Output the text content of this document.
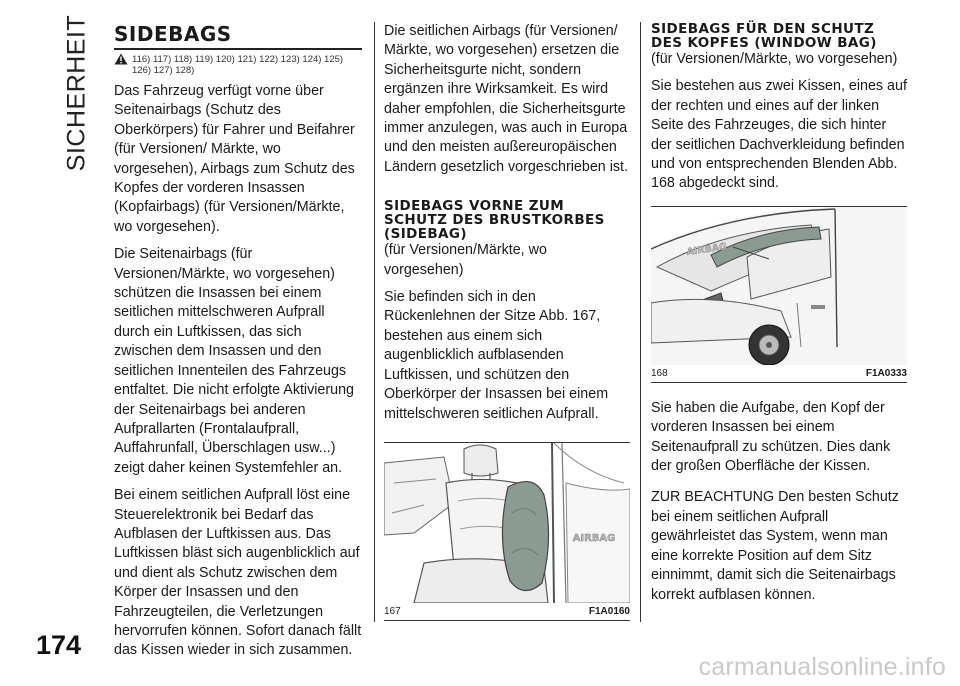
SICHERHEIT SIDEBAGS
116) 117) 118) 119) 120) 121) 122) 123) 124) 125) 126) 127) 128)

Das Fahrzeug verfügt vorne über Seitenairbags (Schutz des Oberkörpers) für Fahrer und Beifahrer (für Versionen/ Märkte, wo vorgesehen), Airbags zum Schutz des Kopfes der vorderen Insassen (Kopfairbags) (für Versionen/Märkte, wo vorgesehen).

Die Seitenairbags (für Versionen/Märkte, wo vorgesehen) schützen die Insassen bei einem seitlichen mittelschweren Aufprall durch ein Luftkissen, das sich zwischen dem Insassen und den seitlichen Innenteilen des Fahrzeugs entfaltet. Die nicht erfolgte Aktivierung der Seitenairbags bei anderen Aufprallarten (Frontalaufprall, Auffahrunfall, Überschlagen usw...) zeigt daher keinen Systemfehler an.

Bei einem seitlichen Aufprall löst eine Steuerelektronik bei Bedarf das Aufblasen der Luftkissen aus. Das Luftkissen bläst sich augenblicklich auf und dient als Schutz zwischen dem Körper der Insassen und den Fahrzeugteilen, die Verletzungen hervorrufen können. Sofort danach fällt das Kissen wieder in sich zusammen.

Die seitlichen Airbags (für Versionen/ Märkte, wo vorgesehen) ersetzen die Sicherheitsgurte nicht, sondern ergänzen ihre Wirksamkeit. Es wird daher empfohlen, die Sicherheitsgurte immer anzulegen, was auch in Europa und den meisten außereuropäischen Ländern gesetzlich vorgeschrieben ist.

SIDEBAGS VORNE ZUM SCHUTZ DES BRUSTKORBES (SIDEBAG)
(für Versionen/Märkte, wo vorgesehen)

Sie befinden sich in den Rückenlehnen der Sitze Abb. 167, bestehen aus einem sich augenblicklich aufblasenden Luftkissen, und schützen den Oberkörper der Insassen bei einem mittelschweren seitlichen Aufprall.

AIRBAG
167	F1A0160
SIDEBAGS FÜR DEN SCHUTZ DES KOPFES (WINDOW BAG)
(für Versionen/Märkte, wo vorgesehen)

Sie bestehen aus zwei Kissen, eines auf der rechten und eines auf der linken Seite des Fahrzeuges, die sich hinter der seitlichen Dachverkleidung befinden und von entsprechenden Blenden Abb. 168 abgedeckt sind.

AIRBAG
168	F1A0333

Sie haben die Aufgabe, den Kopf der vorderen Insassen bei einem Seitenaufprall zu schützen. Dies dank der großen Oberfläche der Kissen.

ZUR BEACHTUNG Den besten Schutz bei einem seitlichen Aufprall gewährleistet das System, wenn man eine korrekte Position auf dem Sitz einnimmt, damit sich die Seitenairbags korrekt aufblasen können.

174
carmanualsonline.info
